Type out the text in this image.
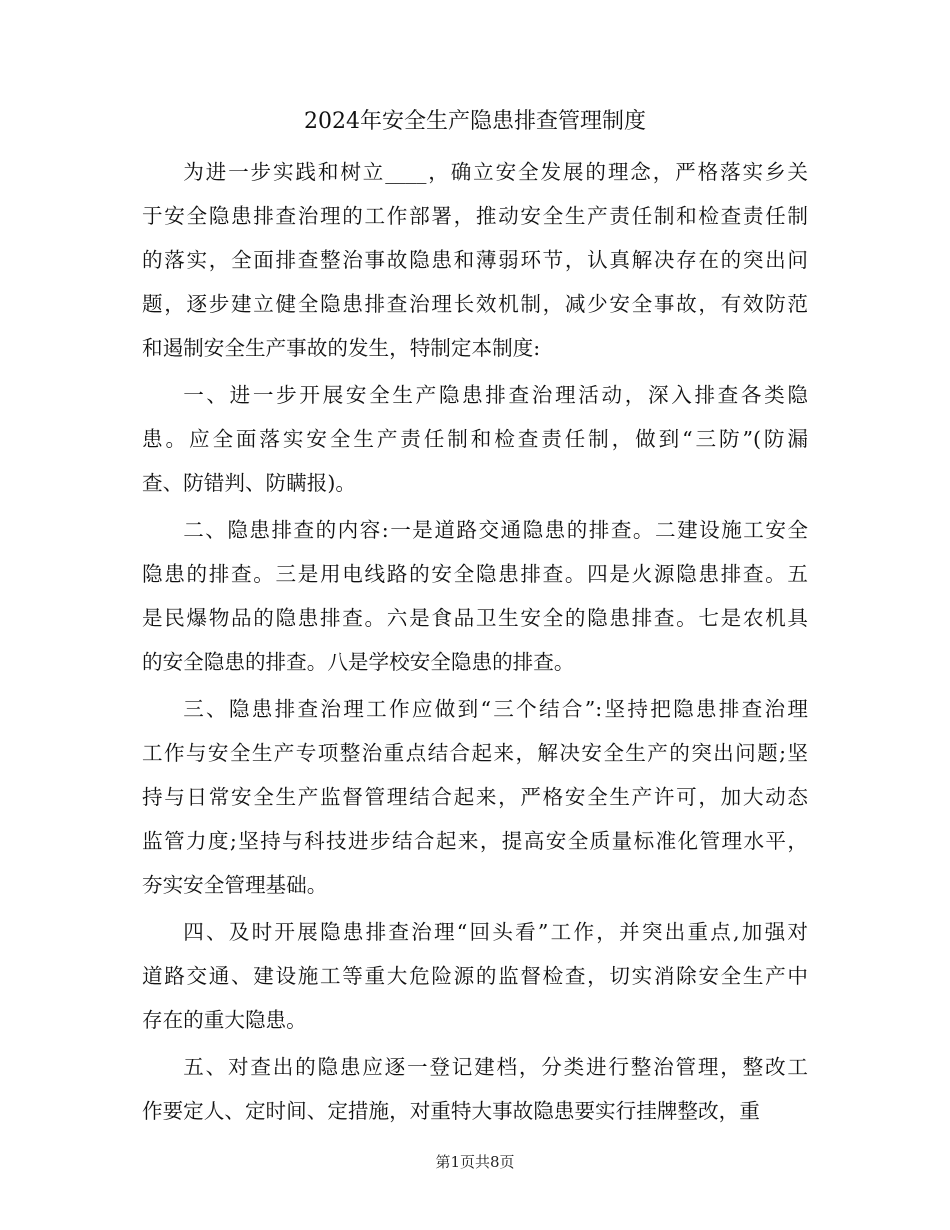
2024年安全生产隐患排查管理制度
为进一步实践和树立____，确立安全发展的理念，严格落实乡关
于安全隐患排查治理的工作部署，推动安全生产责任制和检查责任制
的落实，全面排查整治事故隐患和薄弱环节，认真解决存在的突出问
题，逐步建立健全隐患排查治理长效机制，减少安全事故，有效防范
和遏制安全生产事故的发生，特制定本制度:
一、进一步开展安全生产隐患排查治理活动，深入排查各类隐
患。应全面落实安全生产责任制和检查责任制，做到“三防”(防漏
查、防错判、防瞒报)。
二、隐患排查的内容:一是道路交通隐患的排查。二建设施工安全
隐患的排查。三是用电线路的安全隐患排查。四是火源隐患排查。五
是民爆物品的隐患排查。六是食品卫生安全的隐患排查。七是农机具
的安全隐患的排查。八是学校安全隐患的排查。
三、隐患排查治理工作应做到“三个结合”:坚持把隐患排查治理
工作与安全生产专项整治重点结合起来，解决安全生产的突出问题;坚
持与日常安全生产监督管理结合起来，严格安全生产许可，加大动态
监管力度;坚持与科技进步结合起来，提高安全质量标准化管理水平，
夯实安全管理基础。
四、及时开展隐患排查治理“回头看”工作，并突出重点,加强对
道路交通、建设施工等重大危险源的监督检查，切实消除安全生产中
存在的重大隐患。
五、对查出的隐患应逐一登记建档，分类进行整治管理，整改工
作要定人、定时间、定措施，对重特大事故隐患要实行挂牌整改，重
第1页共8页
